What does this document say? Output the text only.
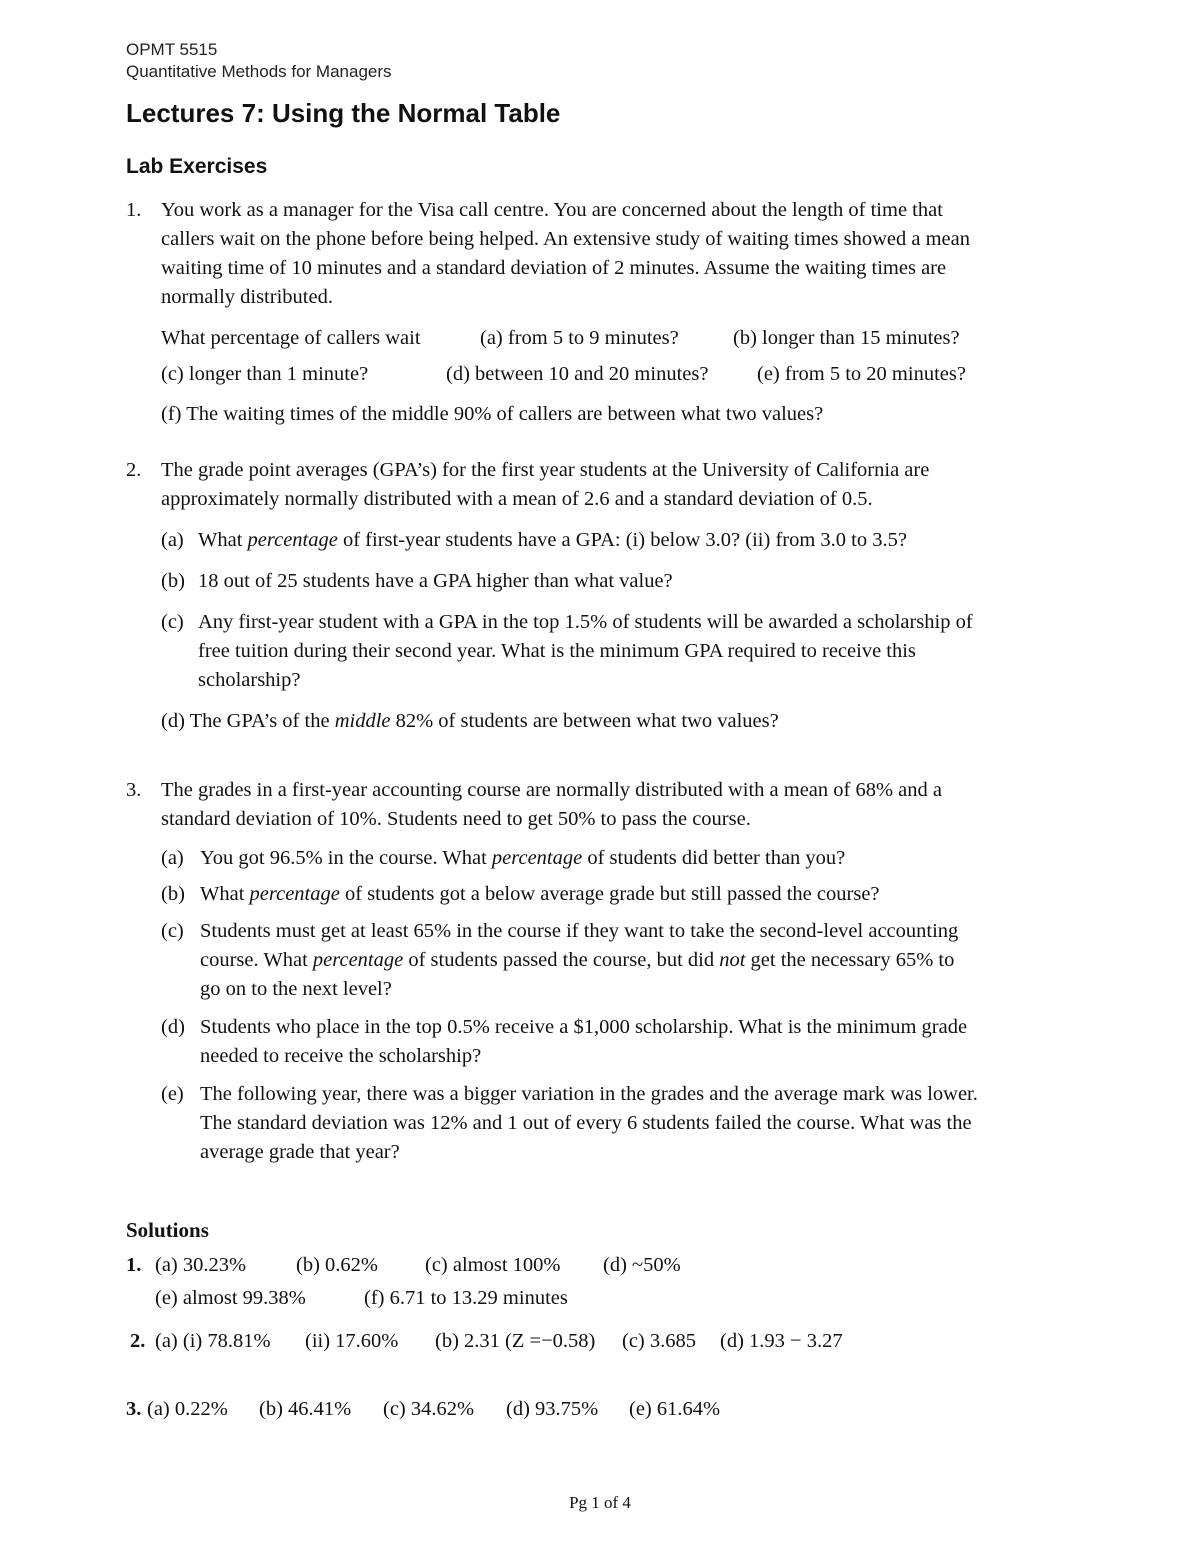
OPMT 5515
Quantitative Methods for Managers
Lectures 7: Using the Normal Table
Lab Exercises
1. You work as a manager for the Visa call centre. You are concerned about the length of time that
callers wait on the phone before being helped. An extensive study of waiting times showed a mean
waiting time of 10 minutes and a standard deviation of 2 minutes. Assume the waiting times are
normally distributed.
What percentage of callers wait	(a) from 5 to 9 minutes?	(b) longer than 15 minutes?
(c) longer than 1 minute?	(d) between 10 and 20 minutes? (e) from 5 to 20 minutes?
(f) The waiting times of the middle 90% of callers are between what two values?
2. The grade point averages (GPA’s) for the first year students at the University of California are
approximately normally distributed with a mean of 2.6 and a standard deviation of 0.5.
(a) What percentage of first-year students have a GPA: (i) below 3.0? (ii) from 3.0 to 3.5?
(b) 18 out of 25 students have a GPA higher than what value?
(c) Any first-year student with a GPA in the top 1.5% of students will be awarded a scholarship of
free tuition during their second year. What is the minimum GPA required to receive this
scholarship?
(d) The GPA’s of the middle 82% of students are between what two values?
3. The grades in a first-year accounting course are normally distributed with a mean of 68% and a
standard deviation of 10%. Students need to get 50% to pass the course.
(a) You got 96.5% in the course. What percentage of students did better than you?
(b) What percentage of students got a below average grade but still passed the course?
(c) Students must get at least 65% in the course if they want to take the second-level accounting
course. What percentage of students passed the course, but did not get the necessary 65% to
go on to the next level?
(d) Students who place in the top 0.5% receive a $1,000 scholarship. What is the minimum grade
needed to receive the scholarship?
(e) The following year, there was a bigger variation in the grades and the average mark was lower.
The standard deviation was 12% and 1 out of every 6 students failed the course. What was the
average grade that year?
Solutions
1. (a) 30.23% (b) 0.62% (c) almost 100% (d) ~50%
(e) almost 99.38%	(f) 6.71 to 13.29 minutes
2. (a) (i) 78.81% (ii) 17.60% (b) 2.31 (Z =−0.58) (c) 3.685 (d) 1.93 − 3.27
3. (a) 0.22% (b) 46.41% (c) 34.62% (d) 93.75% (e) 61.64%
Pg 1 of 4
